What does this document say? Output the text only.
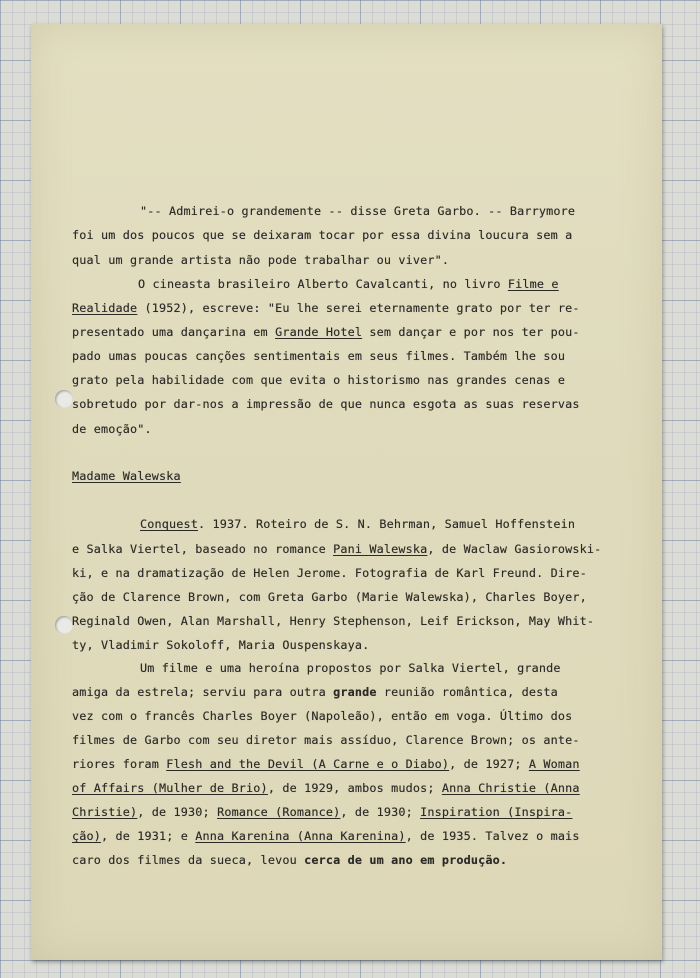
"-- Admirei-o grandemente -- disse Greta Garbo. -- Barrymore
foi um dos poucos que se deixaram tocar por essa divina loucura sem a
qual um grande artista não pode trabalhar ou viver".
O cineasta brasileiro Alberto Cavalcanti, no livro Filme e
Realidade (1952), escreve: "Eu lhe serei eternamente grato por ter re-
presentado uma dançarina em Grande Hotel sem dançar e por nos ter pou-
pado umas poucas canções sentimentais em seus filmes. Também lhe sou
grato pela habilidade com que evita o historismo nas grandes cenas e
sobretudo por dar-nos a impressão de que nunca esgota as suas reservas
de emoção".
Madame Walewska
Conquest. 1937. Roteiro de S. N. Behrman, Samuel Hoffenstein
e Salka Viertel, baseado no romance Pani Walewska, de Waclaw Gasiorowski-
ki, e na dramatização de Helen Jerome. Fotografia de Karl Freund. Dire-
ção de Clarence Brown, com Greta Garbo (Marie Walewska), Charles Boyer,
Reginald Owen, Alan Marshall, Henry Stephenson, Leif Erickson, May Whit-
ty, Vladimir Sokoloff, Maria Ouspenskaya.
Um filme e uma heroína propostos por Salka Viertel, grande
amiga da estrela; serviu para outra grande reunião romântica, desta
vez com o francês Charles Boyer (Napoleão), então em voga. Último dos
filmes de Garbo com seu diretor mais assíduo, Clarence Brown; os ante-
riores foram Flesh and the Devil (A Carne e o Diabo), de 1927; A Woman
of Affairs (Mulher de Brio), de 1929, ambos mudos; Anna Christie (Anna
Christie), de 1930; Romance (Romance), de 1930; Inspiration (Inspira-
ção), de 1931; e Anna Karenina (Anna Karenina), de 1935. Talvez o mais
caro dos filmes da sueca, levou cerca de um ano em produção.
